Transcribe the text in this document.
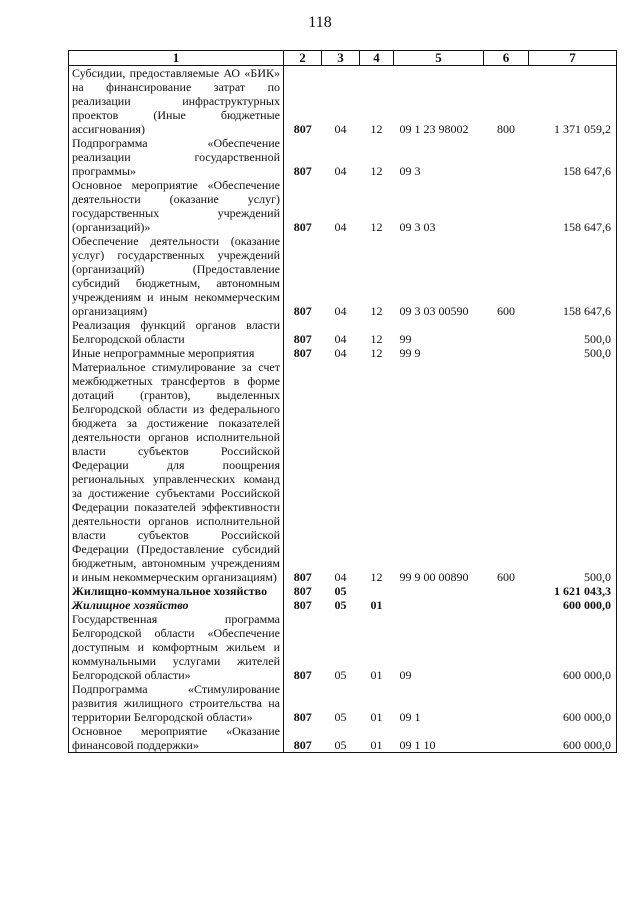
118
1	2	3	4	5	6	7
Субсидии, предоставляемые АО «БИК» на финансирование затрат по реализации инфраструктурных проектов (Иные бюджетные ассигнования)	807	04	12	09 1 23 98002	800	1 371 059,2
Подпрограмма «Обеспечение реализации государственной программы»	807	04	12	09 3		158 647,6
Основное мероприятие «Обеспечение деятельности (оказание услуг) государственных учреждений (организаций)»	807	04	12	09 3 03		158 647,6
Обеспечение деятельности (оказание услуг) государственных учреждений (организаций) (Предоставление субсидий бюджетным, автономным учреждениям и иным некоммерческим организациям)	807	04	12	09 3 03 00590	600	158 647,6
Реализация функций органов власти Белгородской области	807	04	12	99		500,0
Иные непрограммные мероприятия	807	04	12	99 9		500,0
Материальное стимулирование за счет межбюджетных трансфертов в форме дотаций (грантов), выделенных Белгородской области из федерального бюджета за достижение показателей деятельности органов исполнительной власти субъектов Российской Федерации для поощрения региональных управленческих команд за достижение субъектами Российской Федерации показателей эффективности деятельности органов исполнительной власти субъектов Российской Федерации (Предоставление субсидий бюджетным, автономным учреждениям и иным некоммерческим организациям)	807	04	12	99 9 00 00890	600	500,0
Жилищно-коммунальное хозяйство	807	05				1 621 043,3
Жилищное хозяйство	807	05	01			600 000,0
Государственная программа Белгородской области «Обеспечение доступным и комфортным жильем и коммунальными услугами жителей Белгородской области»	807	05	01	09		600 000,0
Подпрограмма «Стимулирование развития жилищного строительства на территории Белгородской области»	807	05	01	09 1		600 000,0
Основное мероприятие «Оказание финансовой поддержки»	807	05	01	09 1 10		600 000,0
